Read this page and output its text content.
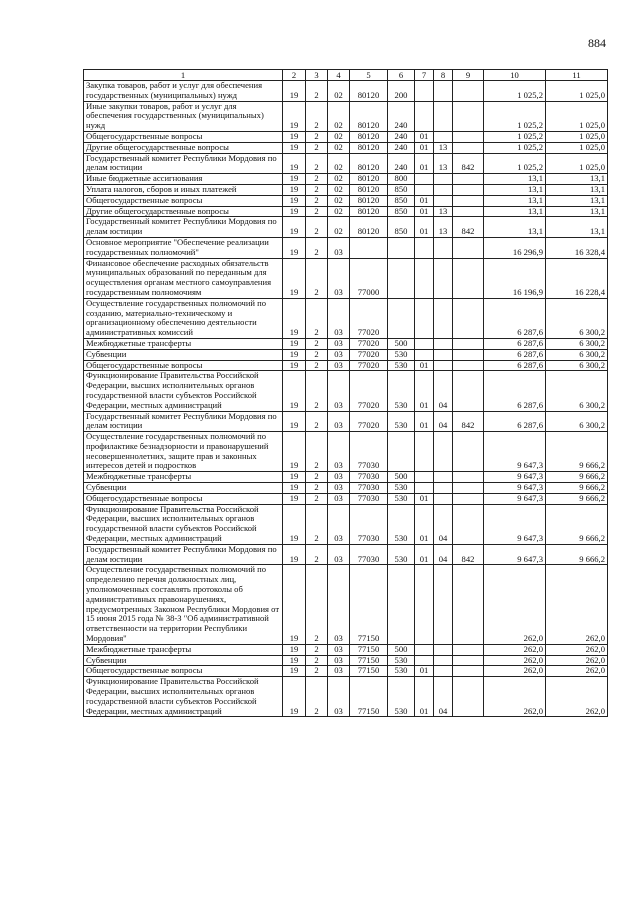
884
1	2	3	4	5	6	7	8	9	10	11
Закупка товаров, работ и услуг для обеспечения государственных (муниципальных) нужд	19	2	02	80120	200				1 025,2	1 025,0
Иные закупки товаров, работ и услуг для обеспечения государственных (муниципальных) нужд	19	2	02	80120	240				1 025,2	1 025,0
Общегосударственные вопросы	19	2	02	80120	240	01			1 025,2	1 025,0
Другие общегосударственные вопросы	19	2	02	80120	240	01	13		1 025,2	1 025,0
Государственный комитет Республики Мордовия по делам юстиции	19	2	02	80120	240	01	13	842	1 025,2	1 025,0
Иные бюджетные ассигнования	19	2	02	80120	800				13,1	13,1
Уплата налогов, сборов и иных платежей	19	2	02	80120	850				13,1	13,1
Общегосударственные вопросы	19	2	02	80120	850	01			13,1	13,1
Другие общегосударственные вопросы	19	2	02	80120	850	01	13		13,1	13,1
Государственный комитет Республики Мордовия по делам юстиции	19	2	02	80120	850	01	13	842	13,1	13,1
Основное мероприятие "Обеспечение реализации государственных полномочий"	19	2	03						16 296,9	16 328,4
Финансовое обеспечение расходных обязательств муниципальных образований по переданным для осуществления органам местного самоуправления государственным полномочиям	19	2	03	77000					16 196,9	16 228,4
Осуществление государственных полномочий по созданию, материально-техническому и организационному обеспечению деятельности административных комиссий	19	2	03	77020					6 287,6	6 300,2
Межбюджетные трансферты	19	2	03	77020	500				6 287,6	6 300,2
Субвенции	19	2	03	77020	530				6 287,6	6 300,2
Общегосударственные вопросы	19	2	03	77020	530	01			6 287,6	6 300,2
Функционирование Правительства Российской Федерации, высших исполнительных органов государственной власти субъектов Российской Федерации, местных администраций	19	2	03	77020	530	01	04		6 287,6	6 300,2
Государственный комитет Республики Мордовия по делам юстиции	19	2	03	77020	530	01	04	842	6 287,6	6 300,2
Осуществление государственных полномочий по профилактике безнадзорности и правонарушений несовершеннолетних, защите прав и законных интересов детей и подростков	19	2	03	77030					9 647,3	9 666,2
Межбюджетные трансферты	19	2	03	77030	500				9 647,3	9 666,2
Субвенции	19	2	03	77030	530				9 647,3	9 666,2
Общегосударственные вопросы	19	2	03	77030	530	01			9 647,3	9 666,2
Функционирование Правительства Российской Федерации, высших исполнительных органов государственной власти субъектов Российской Федерации, местных администраций	19	2	03	77030	530	01	04		9 647,3	9 666,2
Государственный комитет Республики Мордовия по делам юстиции	19	2	03	77030	530	01	04	842	9 647,3	9 666,2
Осуществление государственных полномочий по определению перечня должностных лиц, уполномоченных составлять протоколы об административных правонарушениях, предусмотренных Законом Республики Мордовия от 15 июня 2015 года № 38-З "Об административной ответственности на территории Республики Мордовия"	19	2	03	77150					262,0	262,0
Межбюджетные трансферты	19	2	03	77150	500				262,0	262,0
Субвенции	19	2	03	77150	530				262,0	262,0
Общегосударственные вопросы	19	2	03	77150	530	01			262,0	262,0
Функционирование Правительства Российской Федерации, высших исполнительных органов государственной власти субъектов Российской Федерации, местных администраций	19	2	03	77150	530	01	04		262,0	262,0
